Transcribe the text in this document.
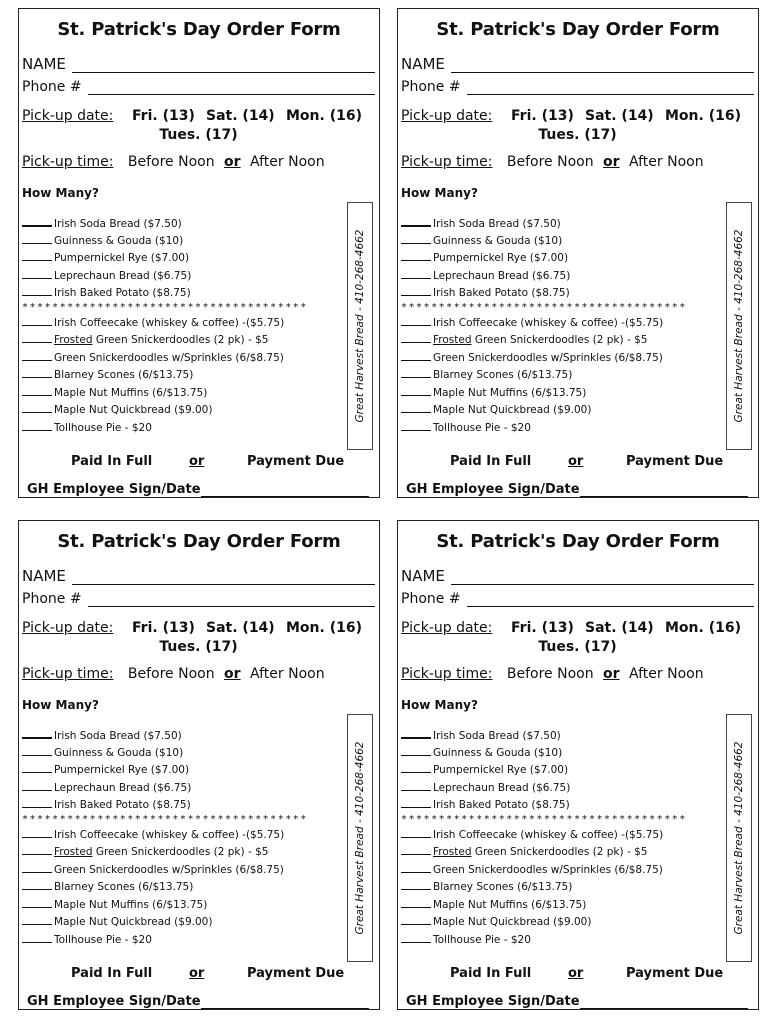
St. Patrick's Day Order Form
NAME
Phone #
Pick-up date: Fri. (13) Sat. (14) Mon. (16)
Tues. (17)
Pick-up time: Before Noon or After Noon
How Many?
Irish Soda Bread ($7.50)
Guinness & Gouda ($10)
Pumpernickel Rye ($7.00)
Leprechaun Bread ($6.75)
Irish Baked Potato ($8.75)
**************************************
Irish Coffeecake (whiskey & coffee) -($5.75)
Frosted Green Snickerdoodles (2 pk) - $5
Green Snickerdoodles w/Sprinkles (6/$8.75)
Blarney Scones (6/$13.75)
Maple Nut Muffins (6/$13.75)
Maple Nut Quickbread ($9.00)
Tollhouse Pie - $20
Great Harvest Bread - 410-268-4662
Paid In Full	or	Payment Due
GH Employee Sign/Date
St. Patrick's Day Order Form
NAME
Phone #
Pick-up date: Fri. (13) Sat. (14) Mon. (16)
Tues. (17)
Pick-up time: Before Noon or After Noon
How Many?
Irish Soda Bread ($7.50)
Guinness & Gouda ($10)
Pumpernickel Rye ($7.00)
Leprechaun Bread ($6.75)
Irish Baked Potato ($8.75)
**************************************
Irish Coffeecake (whiskey & coffee) -($5.75)
Frosted Green Snickerdoodles (2 pk) - $5
Green Snickerdoodles w/Sprinkles (6/$8.75)
Blarney Scones (6/$13.75)
Maple Nut Muffins (6/$13.75)
Maple Nut Quickbread ($9.00)
Tollhouse Pie - $20
Great Harvest Bread - 410-268-4662
Paid In Full	or	Payment Due
GH Employee Sign/Date
St. Patrick's Day Order Form
NAME
Phone #
Pick-up date: Fri. (13) Sat. (14) Mon. (16)
Tues. (17)
Pick-up time: Before Noon or After Noon
How Many?
Irish Soda Bread ($7.50)
Guinness & Gouda ($10)
Pumpernickel Rye ($7.00)
Leprechaun Bread ($6.75)
Irish Baked Potato ($8.75)
**************************************
Irish Coffeecake (whiskey & coffee) -($5.75)
Frosted Green Snickerdoodles (2 pk) - $5
Green Snickerdoodles w/Sprinkles (6/$8.75)
Blarney Scones (6/$13.75)
Maple Nut Muffins (6/$13.75)
Maple Nut Quickbread ($9.00)
Tollhouse Pie - $20
Great Harvest Bread - 410-268-4662
Paid In Full	or	Payment Due
GH Employee Sign/Date
St. Patrick's Day Order Form
NAME
Phone #
Pick-up date: Fri. (13) Sat. (14) Mon. (16)
Tues. (17)
Pick-up time: Before Noon or After Noon
How Many?
Irish Soda Bread ($7.50)
Guinness & Gouda ($10)
Pumpernickel Rye ($7.00)
Leprechaun Bread ($6.75)
Irish Baked Potato ($8.75)
**************************************
Irish Coffeecake (whiskey & coffee) -($5.75)
Frosted Green Snickerdoodles (2 pk) - $5
Green Snickerdoodles w/Sprinkles (6/$8.75)
Blarney Scones (6/$13.75)
Maple Nut Muffins (6/$13.75)
Maple Nut Quickbread ($9.00)
Tollhouse Pie - $20
Great Harvest Bread - 410-268-4662
Paid In Full	or	Payment Due
GH Employee Sign/Date
